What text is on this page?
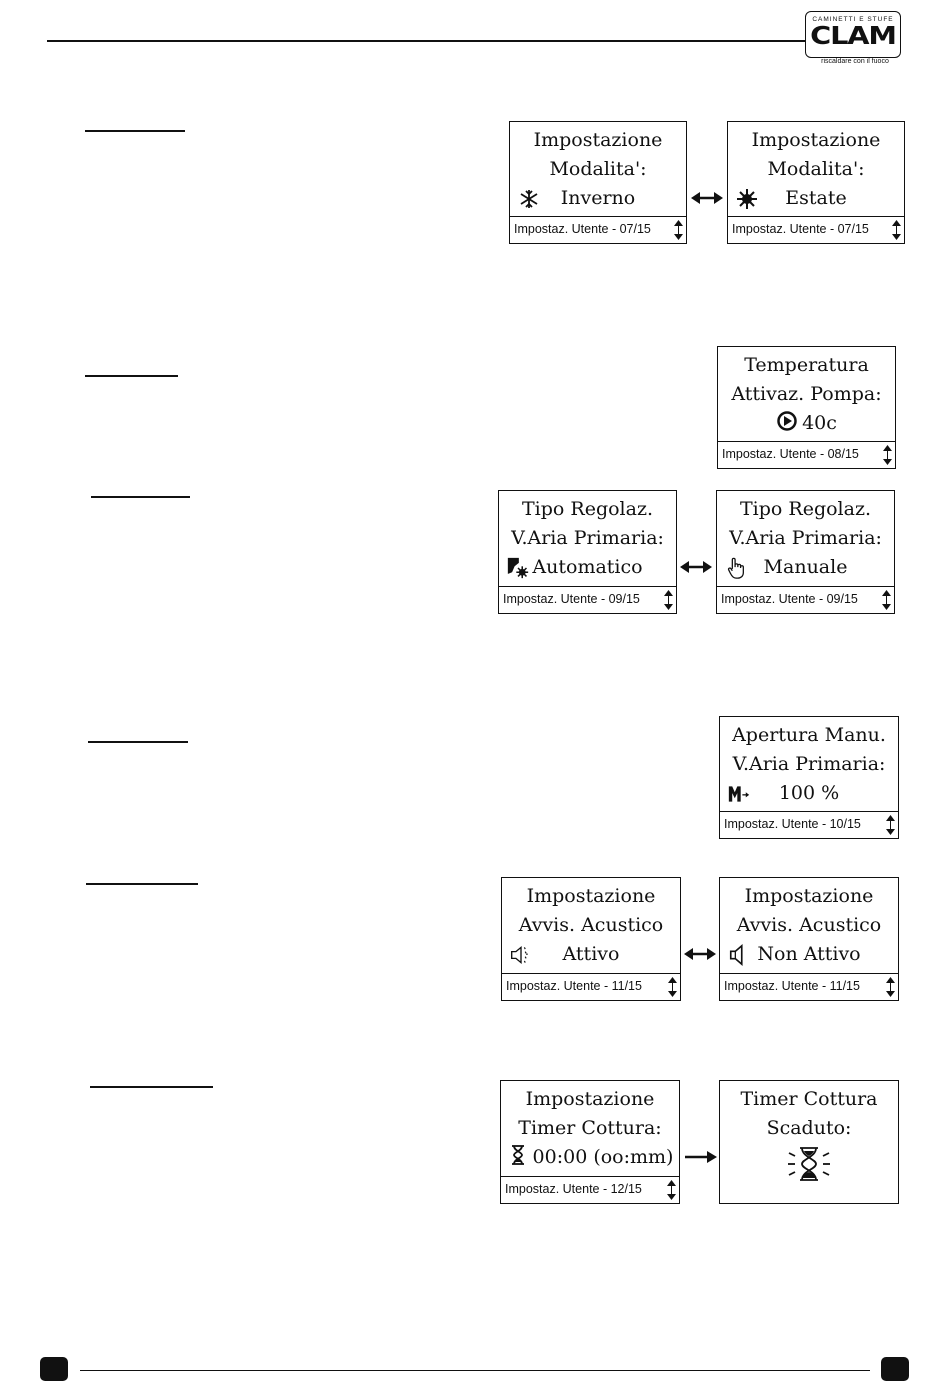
CAMINETTI E STUFE
CLAM
riscaldare con il fuoco
Impostazione
Modalita':
Inverno
Impostaz. Utente - 07/15
Impostazione
Modalita':
Estate
Impostaz. Utente - 07/15
Temperatura
Attivaz. Pompa:
40c
Impostaz. Utente - 08/15
Tipo Regolaz.
V.Aria Primaria:
Automatico
Impostaz. Utente - 09/15
Tipo Regolaz.
V.Aria Primaria:
Manuale
Impostaz. Utente - 09/15
Apertura Manu.
V.Aria Primaria:
100 %
Impostaz. Utente - 10/15
Impostazione
Avvis. Acustico
Attivo
Impostaz. Utente - 11/15
Impostazione
Avvis. Acustico
Non Attivo
Impostaz. Utente - 11/15
Impostazione
Timer Cottura:
00:00 (oo:mm)
Impostaz. Utente - 12/15
Timer Cottura
Scaduto:
